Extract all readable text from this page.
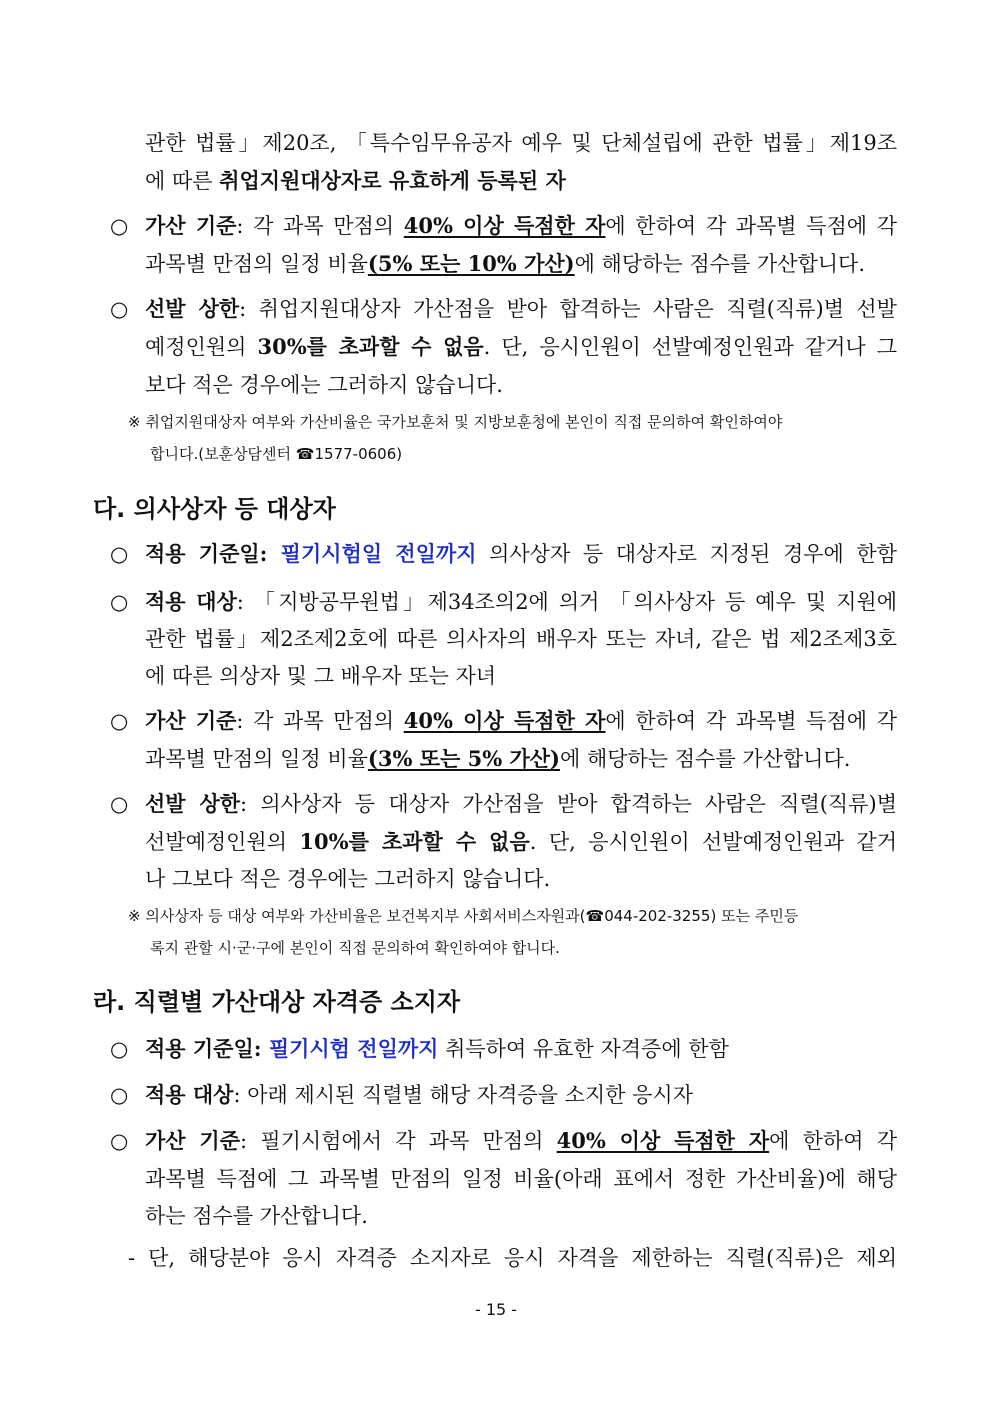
관한 법률」제20조, 「특수임무유공자 예우 및 단체설립에 관한 법률」제19조
에 따른 취업지원대상자로 유효하게 등록된 자
○ 가산 기준: 각 과목 만점의 40% 이상 득점한 자에 한하여 각 과목별 득점에 각
과목별 만점의 일정 비율(5% 또는 10% 가산)에 해당하는 점수를 가산합니다.
○ 선발 상한: 취업지원대상자 가산점을 받아 합격하는 사람은 직렬(직류)별 선발
예정인원의 30%를 초과할 수 없음. 단, 응시인원이 선발예정인원과 같거나 그
보다 적은 경우에는 그러하지 않습니다.
※ 취업지원대상자 여부와 가산비율은 국가보훈처 및 지방보훈청에 본인이 직접 문의하여 확인하여야
합니다.(보훈상담센터 ☎1577-0606)
다. 의사상자 등 대상자
○ 적용 기준일: 필기시험일 전일까지 의사상자 등 대상자로 지정된 경우에 한함
○ 적용 대상: 「지방공무원법」제34조의2에 의거 「의사상자 등 예우 및 지원에
관한 법률」제2조제2호에 따른 의사자의 배우자 또는 자녀, 같은 법 제2조제3호
에 따른 의상자 및 그 배우자 또는 자녀
○ 가산 기준: 각 과목 만점의 40% 이상 득점한 자에 한하여 각 과목별 득점에 각
과목별 만점의 일정 비율(3% 또는 5% 가산)에 해당하는 점수를 가산합니다.
○ 선발 상한: 의사상자 등 대상자 가산점을 받아 합격하는 사람은 직렬(직류)별
선발예정인원의 10%를 초과할 수 없음. 단, 응시인원이 선발예정인원과 같거
나 그보다 적은 경우에는 그러하지 않습니다.
※ 의사상자 등 대상 여부와 가산비율은 보건복지부 사회서비스자원과(☎044-202-3255) 또는 주민등
록지 관할 시·군·구에 본인이 직접 문의하여 확인하여야 합니다.
라. 직렬별 가산대상 자격증 소지자
○ 적용 기준일: 필기시험 전일까지 취득하여 유효한 자격증에 한함
○ 적용 대상: 아래 제시된 직렬별 해당 자격증을 소지한 응시자
○ 가산 기준: 필기시험에서 각 과목 만점의 40% 이상 득점한 자에 한하여 각
과목별 득점에 그 과목별 만점의 일정 비율(아래 표에서 정한 가산비율)에 해당
하는 점수를 가산합니다.
- 단, 해당분야 응시 자격증 소지자로 응시 자격을 제한하는 직렬(직류)은 제외
- 15 -
